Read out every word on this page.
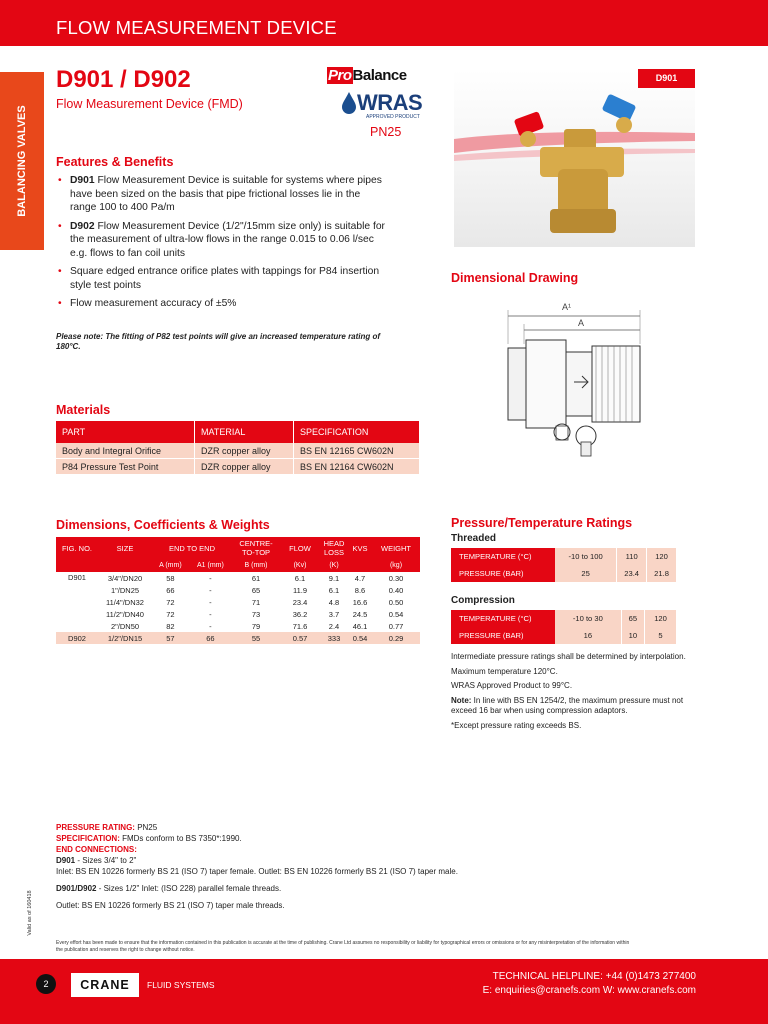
FLOW MEASUREMENT DEVICE
BALANCING VALVES
D901 / D902
Flow Measurement Device (FMD)
ProBalance
WRAS
APPROVED PRODUCT
PN25
D901
Features & Benefits
• D901 Flow Measurement Device is suitable for systems where pipes have been sized on the basis that pipe frictional losses lie in the range 100 to 400 Pa/m
• D902 Flow Measurement Device (1/2"/15mm size only) is suitable for the measurement of ultra-low flows in the range 0.015 to 0.06 l/sec e.g. flows to fan coil units
• Square edged entrance orifice plates with tappings for P84 insertion style test points
• Flow measurement accuracy of ±5%
Please note: The fitting of P82 test points will give an increased temperature rating of 180°C.
Dimensional Drawing
A¹
A
Materials
PART	MATERIAL	SPECIFICATION
Body and Integral Orifice	DZR copper alloy	BS EN 12165 CW602N
P84 Pressure Test Point	DZR copper alloy	BS EN 12164 CW602N
Dimensions, Coefficients & Weights
FIG. NO.	SIZE	END TO END		CENTRE-TO-TOP	FLOW	HEAD LOSS	KVS	WEIGHT
		A (mm)	A1 (mm)	B (mm)	(Kv)	(K)		(kg)
D901	3/4"/DN20	58	-	61	6.1	9.1	4.7	0.30
	1"/DN25	66	-	65	11.9	6.1	8.6	0.40
	11/4"/DN32	72	-	71	23.4	4.8	16.6	0.50
	11/2"/DN40	72	-	73	36.2	3.7	24.5	0.54
	2"/DN50	82	-	79	71.6	2.4	46.1	0.77
D902	1/2"/DN15	57	66	55	0.57	333	0.54	0.29
Pressure/Temperature Ratings
Threaded
TEMPERATURE (°C)	-10 to 100	110	120
PRESSURE (BAR)	25	23.4	21.8
Compression
TEMPERATURE (°C)	-10 to 30	65	120
PRESSURE (BAR)	16	10	5
Intermediate pressure ratings shall be determined by interpolation.
Maximum temperature 120°C.
WRAS Approved Product to 99°C.
Note: In line with BS EN 1254/2, the maximum pressure must not exceed 16 bar when using compression adaptors.
*Except pressure rating exceeds BS.
PRESSURE RATING: PN25
SPECIFICATION: FMDs conform to BS 7350*:1990.
END CONNECTIONS:
D901 - Sizes 3/4" to 2"
Inlet: BS EN 10226 formerly BS 21 (ISO 7) taper female. Outlet: BS EN 10226 formerly BS 21 (ISO 7) taper male.
D901/D902 - Sizes 1/2" Inlet: (ISO 228) parallel female threads.
Outlet: BS EN 10226 formerly BS 21 (ISO 7) taper male threads.
Valid as of 160418
Every effort has been made to ensure that the information contained in this publication is accurate at the time of publishing. Crane Ltd assumes no responsibility or liability for typographical errors or omissions or for any misinterpretation of the information within the publication and reserves the right to change without notice.
2	CRANE	FLUID SYSTEMS
TECHNICAL HELPLINE: +44 (0)1473 277400
E: enquiries@cranefs.com W: www.cranefs.com
